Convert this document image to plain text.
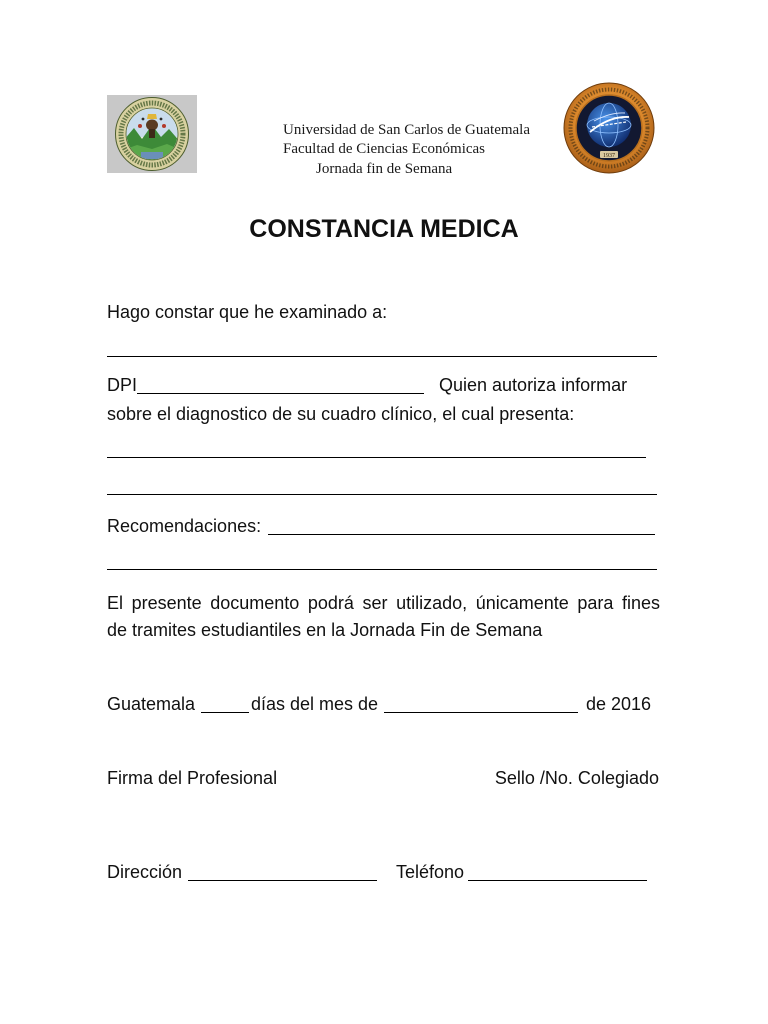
Universidad de San Carlos de Guatemala
Facultad de Ciencias Económicas
Jornada fin de Semana
1937
CONSTANCIA MEDICA
Hago constar que he examinado a:
DPI	Quien autoriza informar
sobre el diagnostico de su cuadro clínico, el cual presenta:
Recomendaciones:
El presente documento podrá ser utilizado, únicamente para fines
de tramites estudiantiles en la Jornada Fin de Semana
Guatemala	días del mes de	de 2016
Firma del Profesional	Sello /No. Colegiado
Dirección	Teléfono
